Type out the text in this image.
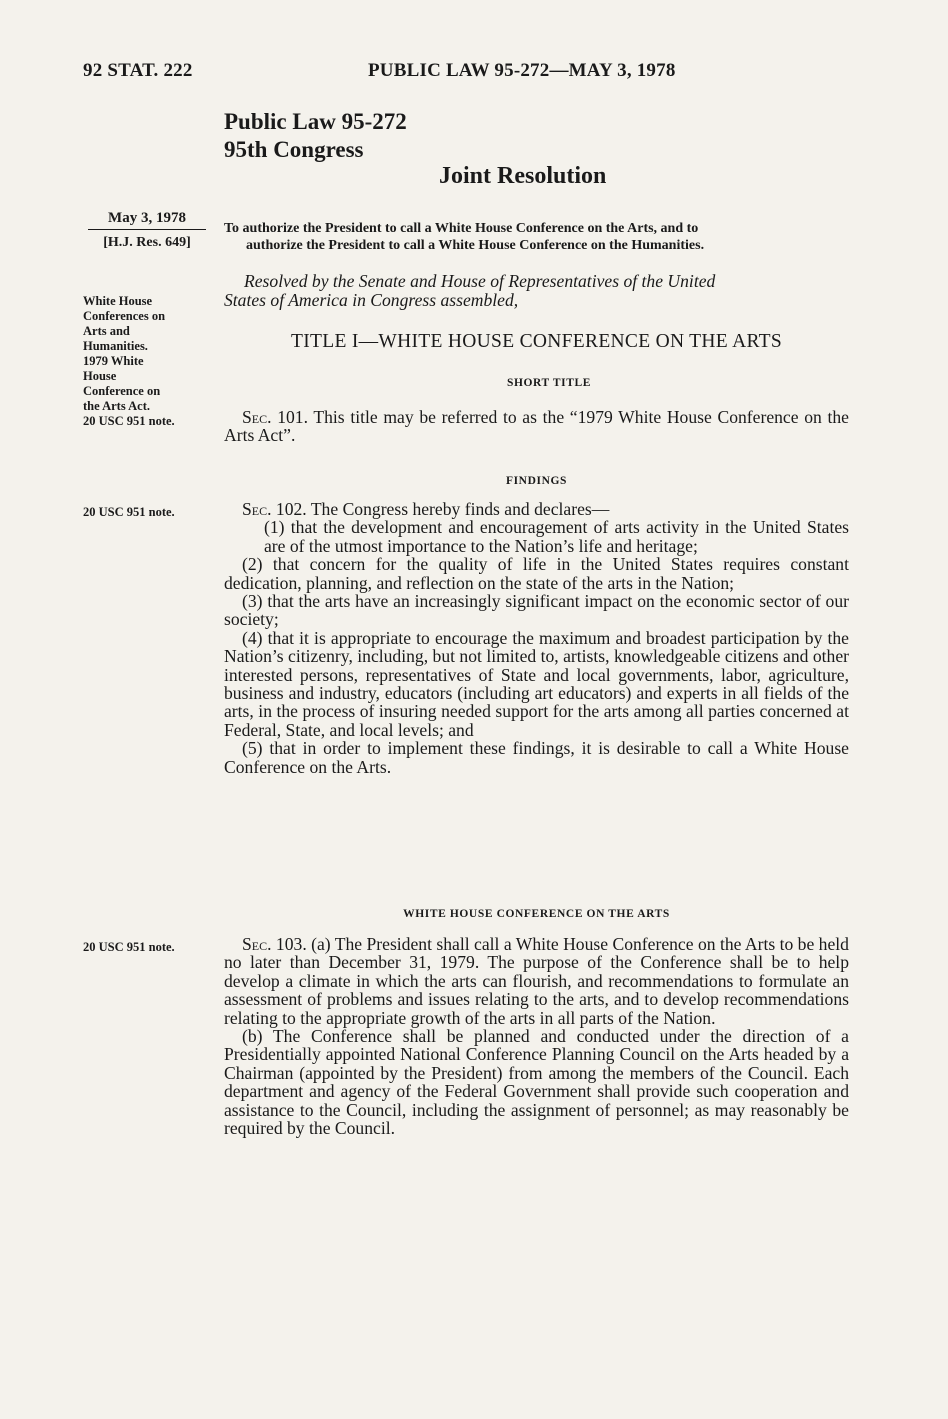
92 STAT. 222	PUBLIC LAW 95-272—MAY 3, 1978
Public Law 95-272
95th Congress
Joint Resolution
May 3, 1978
[H.J. Res. 649]
To authorize the President to call a White House Conference on the Arts, and to
authorize the President to call a White House Conference on the Humanities.
Resolved by the Senate and House of Representatives of the United
States of America in Congress assembled,
White House
Conferences on
Arts and
Humanities.
1979 White
House
Conference on
the Arts Act.
20 USC 951 note.
TITLE I—WHITE HOUSE CONFERENCE ON THE ARTS
SHORT TITLE

Sec. 101. This title may be referred to as the “1979 White House Conference on the Arts Act”.

FINDINGS
20 USC 951 note.	Sec. 102. The Congress hereby finds and declares—

(1) that the development and encouragement of arts activity in the United States are of the utmost importance to the Nation’s life and heritage;

(2) that concern for the quality of life in the United States requires constant dedication, planning, and reflection on the state of the arts in the Nation;

(3) that the arts have an increasingly significant impact on the economic sector of our society;

(4) that it is appropriate to encourage the maximum and broadest participation by the Nation’s citizenry, including, but not limited to, artists, knowledgeable citizens and other interested persons, representatives of State and local governments, labor, agriculture, business and industry, educators (including art educators) and experts in all fields of the arts, in the process of insuring needed support for the arts among all parties concerned at Federal, State, and local levels; and

(5) that in order to implement these findings, it is desirable to call a White House Conference on the Arts.

WHITE HOUSE CONFERENCE ON THE ARTS
20 USC 951 note.	Sec. 103. (a) The President shall call a White House Conference on the Arts to be held no later than December 31, 1979. The purpose of the Conference shall be to help develop a climate in which the arts can flourish, and recommendations to formulate an assessment of problems and issues relating to the arts, and to develop recommendations relating to the appropriate growth of the arts in all parts of the Nation.

(b) The Conference shall be planned and conducted under the direction of a Presidentially appointed National Conference Planning Council on the Arts headed by a Chairman (appointed by the President) from among the members of the Council. Each department and agency of the Federal Government shall provide such cooperation and assistance to the Council, including the assignment of personnel; as may reasonably be required by the Council.
